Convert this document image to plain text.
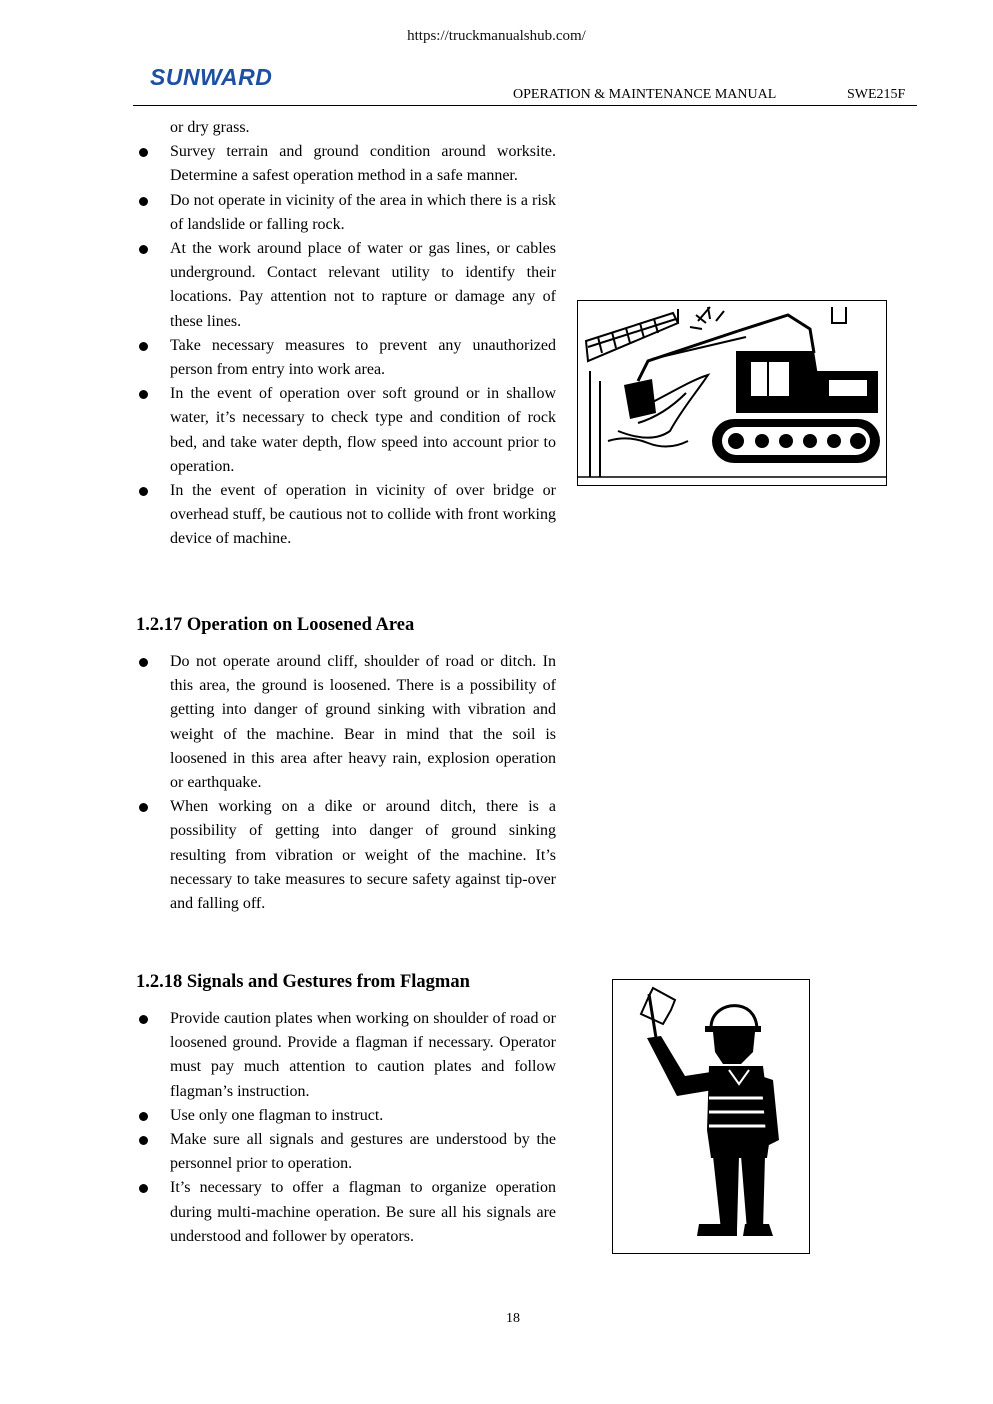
https://truckmanualshub.com/
SUNWARD
OPERATION & MAINTENANCE MANUAL	SWE215F
or dry grass.
Survey terrain and ground condition around worksite. Determine a safest operation method in a safe manner.
Do not operate in vicinity of the area in which there is a risk of landslide or falling rock.
At the work around place of water or gas lines, or cables underground. Contact relevant utility to identify their locations. Pay attention not to rapture or damage any of these lines.
Take necessary measures to prevent any unauthorized person from entry into work area.
In the event of operation over soft ground or in shallow water, it’s necessary to check type and condition of rock bed, and take water depth, flow speed into account prior to operation.
In the event of operation in vicinity of over bridge or overhead stuff, be cautious not to collide with front working device of machine.
1.2.17 Operation on Loosened Area
Do not operate around cliff, shoulder of road or ditch. In this area, the ground is loosened. There is a possibility of getting into danger of ground sinking with vibration and weight of the machine. Bear in mind that the soil is loosened in this area after heavy rain, explosion operation or earthquake.
When working on a dike or around ditch, there is a possibility of getting into danger of ground sinking resulting from vibration or weight of the machine. It’s necessary to take measures to secure safety against tip-over and falling off.
1.2.18 Signals and Gestures from Flagman
Provide caution plates when working on shoulder of road or loosened ground. Provide a flagman if necessary. Operator must pay much attention to caution plates and follow flagman’s instruction.
Use only one flagman to instruct.
Make sure all signals and gestures are understood by the personnel prior to operation.
It’s necessary to offer a flagman to organize operation during multi-machine operation. Be sure all his signals are understood and follower by operators.
18
